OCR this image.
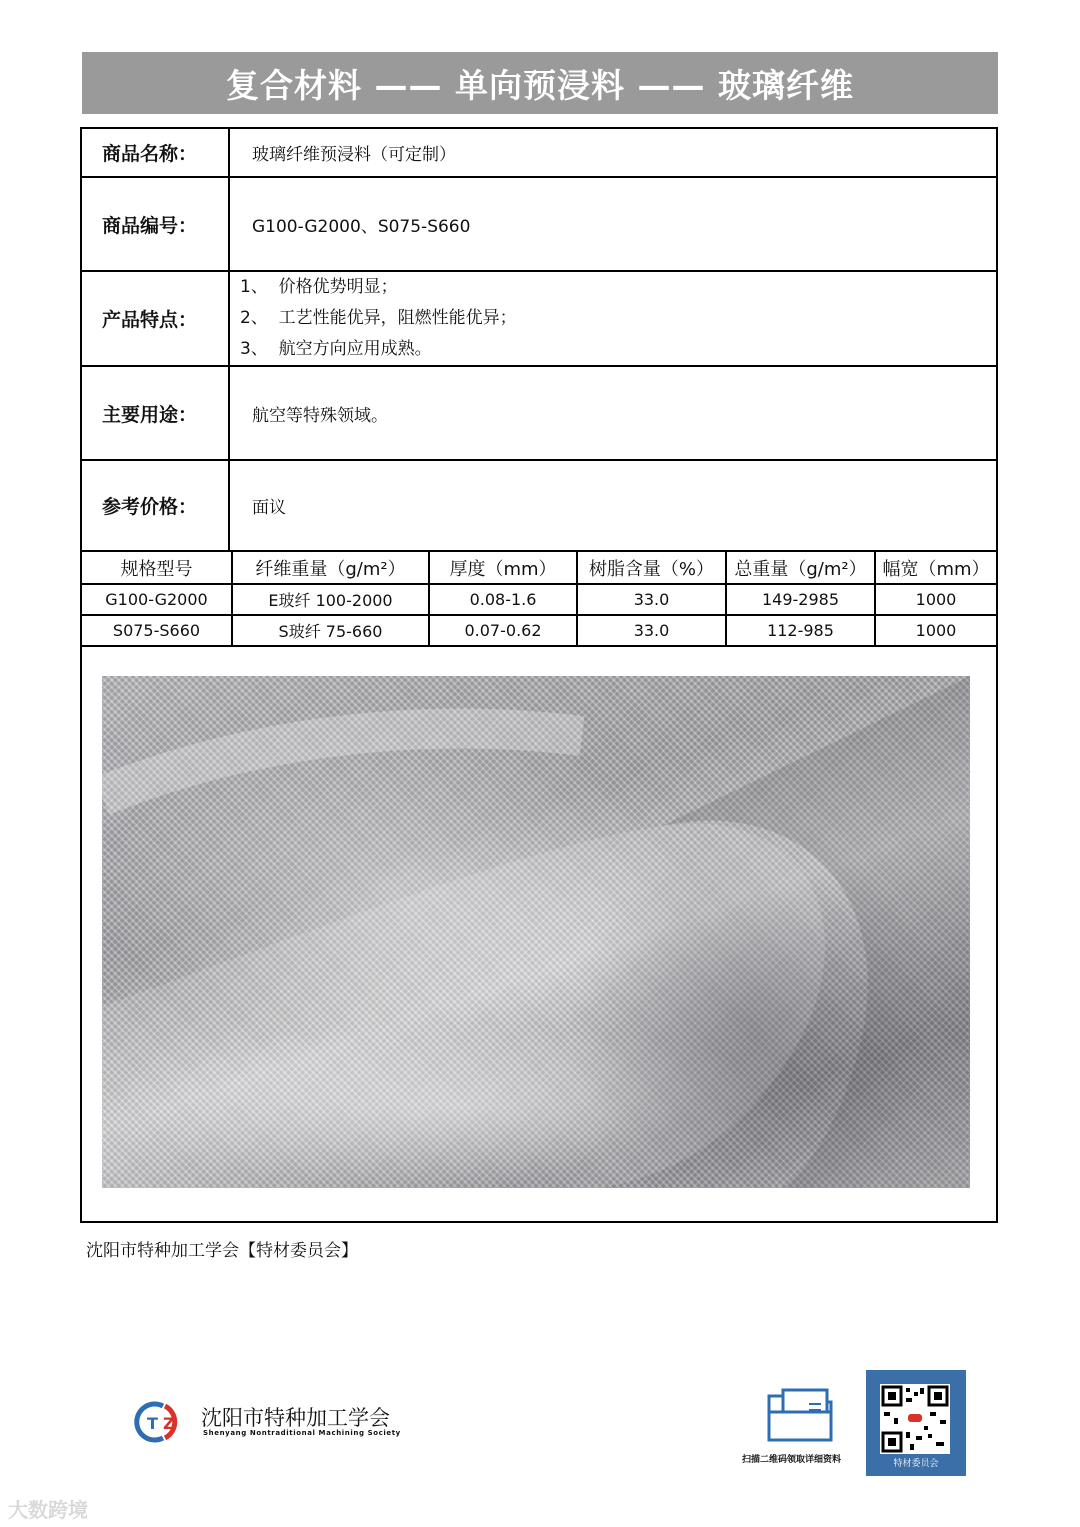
复合材料 —— 单向预浸料 —— 玻璃纤维
商品名称：	玻璃纤维预浸料（可定制）
商品编号：	G100-G2000、S075-S660
产品特点：
1、  价格优势明显；
2、  工艺性能优异，阻燃性能优异；
3、  航空方向应用成熟。
主要用途：	航空等特殊领域。
参考价格：	面议
规格型号	纤维重量（g/m²）	厚度（mm）	树脂含量（%）	总重量（g/m²）	幅宽（mm）
G100-G2000	E玻纤 100-2000	0.08-1.6	33.0	149-2985	1000
S075-S660	S玻纤 75-660	0.07-0.62	33.0	112-985	1000
沈阳市特种加工学会【特材委员会】
T Z 沈阳市特种加工学会
Shenyang Nontraditional Machining Society
扫描二维码领取详细资料	特材委员会
大数跨境
